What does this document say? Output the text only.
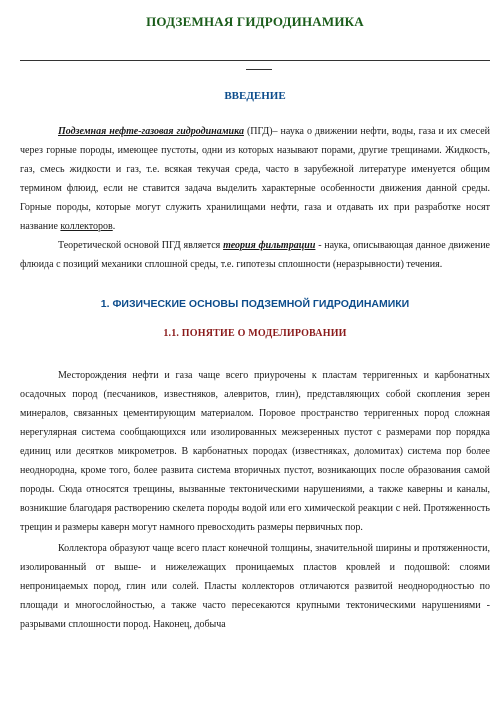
ПОДЗЕМНАЯ ГИДРОДИНАМИКА
ВВЕДЕНИЕ

Подземная нефте-газовая гидродинамика (ПГД)– наука о движении нефти, воды, газа и их смесей через горные породы, имеющее пустоты, одни из которых называют порами, другие трещинами. Жидкость, газ, смесь жидкости и газ, т.е. всякая текучая среда, часто в зарубежной литературе именуется общим термином флюид, если не ставится задача выделить характерные особенности движения данной среды. Горные породы, которые могут служить хранилищами нефти, газа и отдавать их при разработке носят название коллекторов.

Теоретической основой ПГД является теория фильтрации - наука, описывающая данное движение флюида с позиций механики сплошной среды, т.е. гипотезы сплошности (неразрывности) течения.

1. ФИЗИЧЕСКИЕ ОСНОВЫ ПОДЗЕМНОЙ ГИДРОДИНАМИКИ
1.1. ПОНЯТИЕ О МОДЕЛИРОВАНИИ

Месторождения нефти и газа чаще всего приурочены к пластам терригенных и карбонатных осадочных пород (песчаников, известняков, алевритов, глин), представляющих собой скопления зерен минералов, связанных цементирующим материалом. Поровое пространство терригенных пород сложная нерегулярная система сообщающихся или изолированных межзеренных пустот с размерами пор порядка единиц или десятков микрометров. В карбонатных породах (известняках, доломитах) система пор более неоднородна, кроме того, более развита система вторичных пустот, возникающих после образования самой породы. Сюда относятся трещины, вызванные тектоническими нарушениями, а также каверны и каналы, возникшие благодаря растворению скелета породы водой или его химической реакции с ней. Протяженность трещин и размеры каверн могут намного превосходить размеры первичных пор.

Коллектора образуют чаще всего пласт конечной толщины, значительной ширины и протяженности, изолированный от выше- и нижележащих проницаемых пластов кровлей и подошвой: слоями непроницаемых пород, глин или солей. Пласты коллекторов отличаются развитой неоднородностью по площади и многослойностью, а также часто пересекаются крупными тектоническими нарушениями - разрывами сплошности пород. Наконец, добыча
